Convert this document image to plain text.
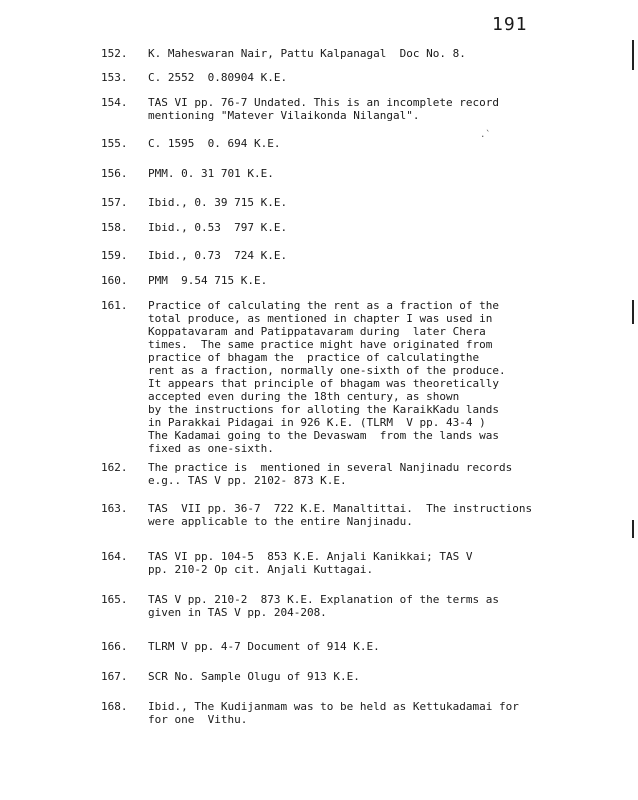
191
.`
152.	K. Maheswaran Nair, Pattu Kalpanagal  Doc No. 8.
153.	C. 2552  0.80904 K.E.
154.	TAS VI pp. 76-7 Undated. This is an incomplete record
mentioning "Matever Vilaikonda Nilangal".
155.	C. 1595  0. 694 K.E.
156.	PMM. 0. 31 701 K.E.
157.	Ibid., 0. 39 715 K.E.
158.	Ibid., 0.53  797 K.E.
159.	Ibid., 0.73  724 K.E.
160.	PMM  9.54 715 K.E.
161.	Practice of calculating the rent as a fraction of the
total produce, as mentioned in chapter I was used in
Koppatavaram and Patippatavaram during  later Chera
times.  The same practice might have originated from
practice of bhagam the  practice of calculatingthe
rent as a fraction, normally one-sixth of the produce.
It appears that principle of bhagam was theoretically
accepted even during the 18th century, as shown
by the instructions for alloting the KaraikKadu lands
in Parakkai Pidagai in 926 K.E. (TLRM  V pp. 43-4 )
The Kadamai going to the Devaswam  from the lands was
fixed as one-sixth.
162.	The practice is  mentioned in several Nanjinadu records
e.g.. TAS V pp. 2102- 873 K.E.
163.	TAS  VII pp. 36-7  722 K.E. Manaltittai.  The instructions
were applicable to the entire Nanjinadu.
164.	TAS VI pp. 104-5  853 K.E. Anjali Kanikkai; TAS V
pp. 210-2 Op cit. Anjali Kuttagai.
165.	TAS V pp. 210-2  873 K.E. Explanation of the terms as
given in TAS V pp. 204-208.
166.	TLRM V pp. 4-7 Document of 914 K.E.
167.	SCR No. Sample Olugu of 913 K.E.
168.	Ibid., The Kudijanmam was to be held as Kettukadamai for
for one  Vithu.
